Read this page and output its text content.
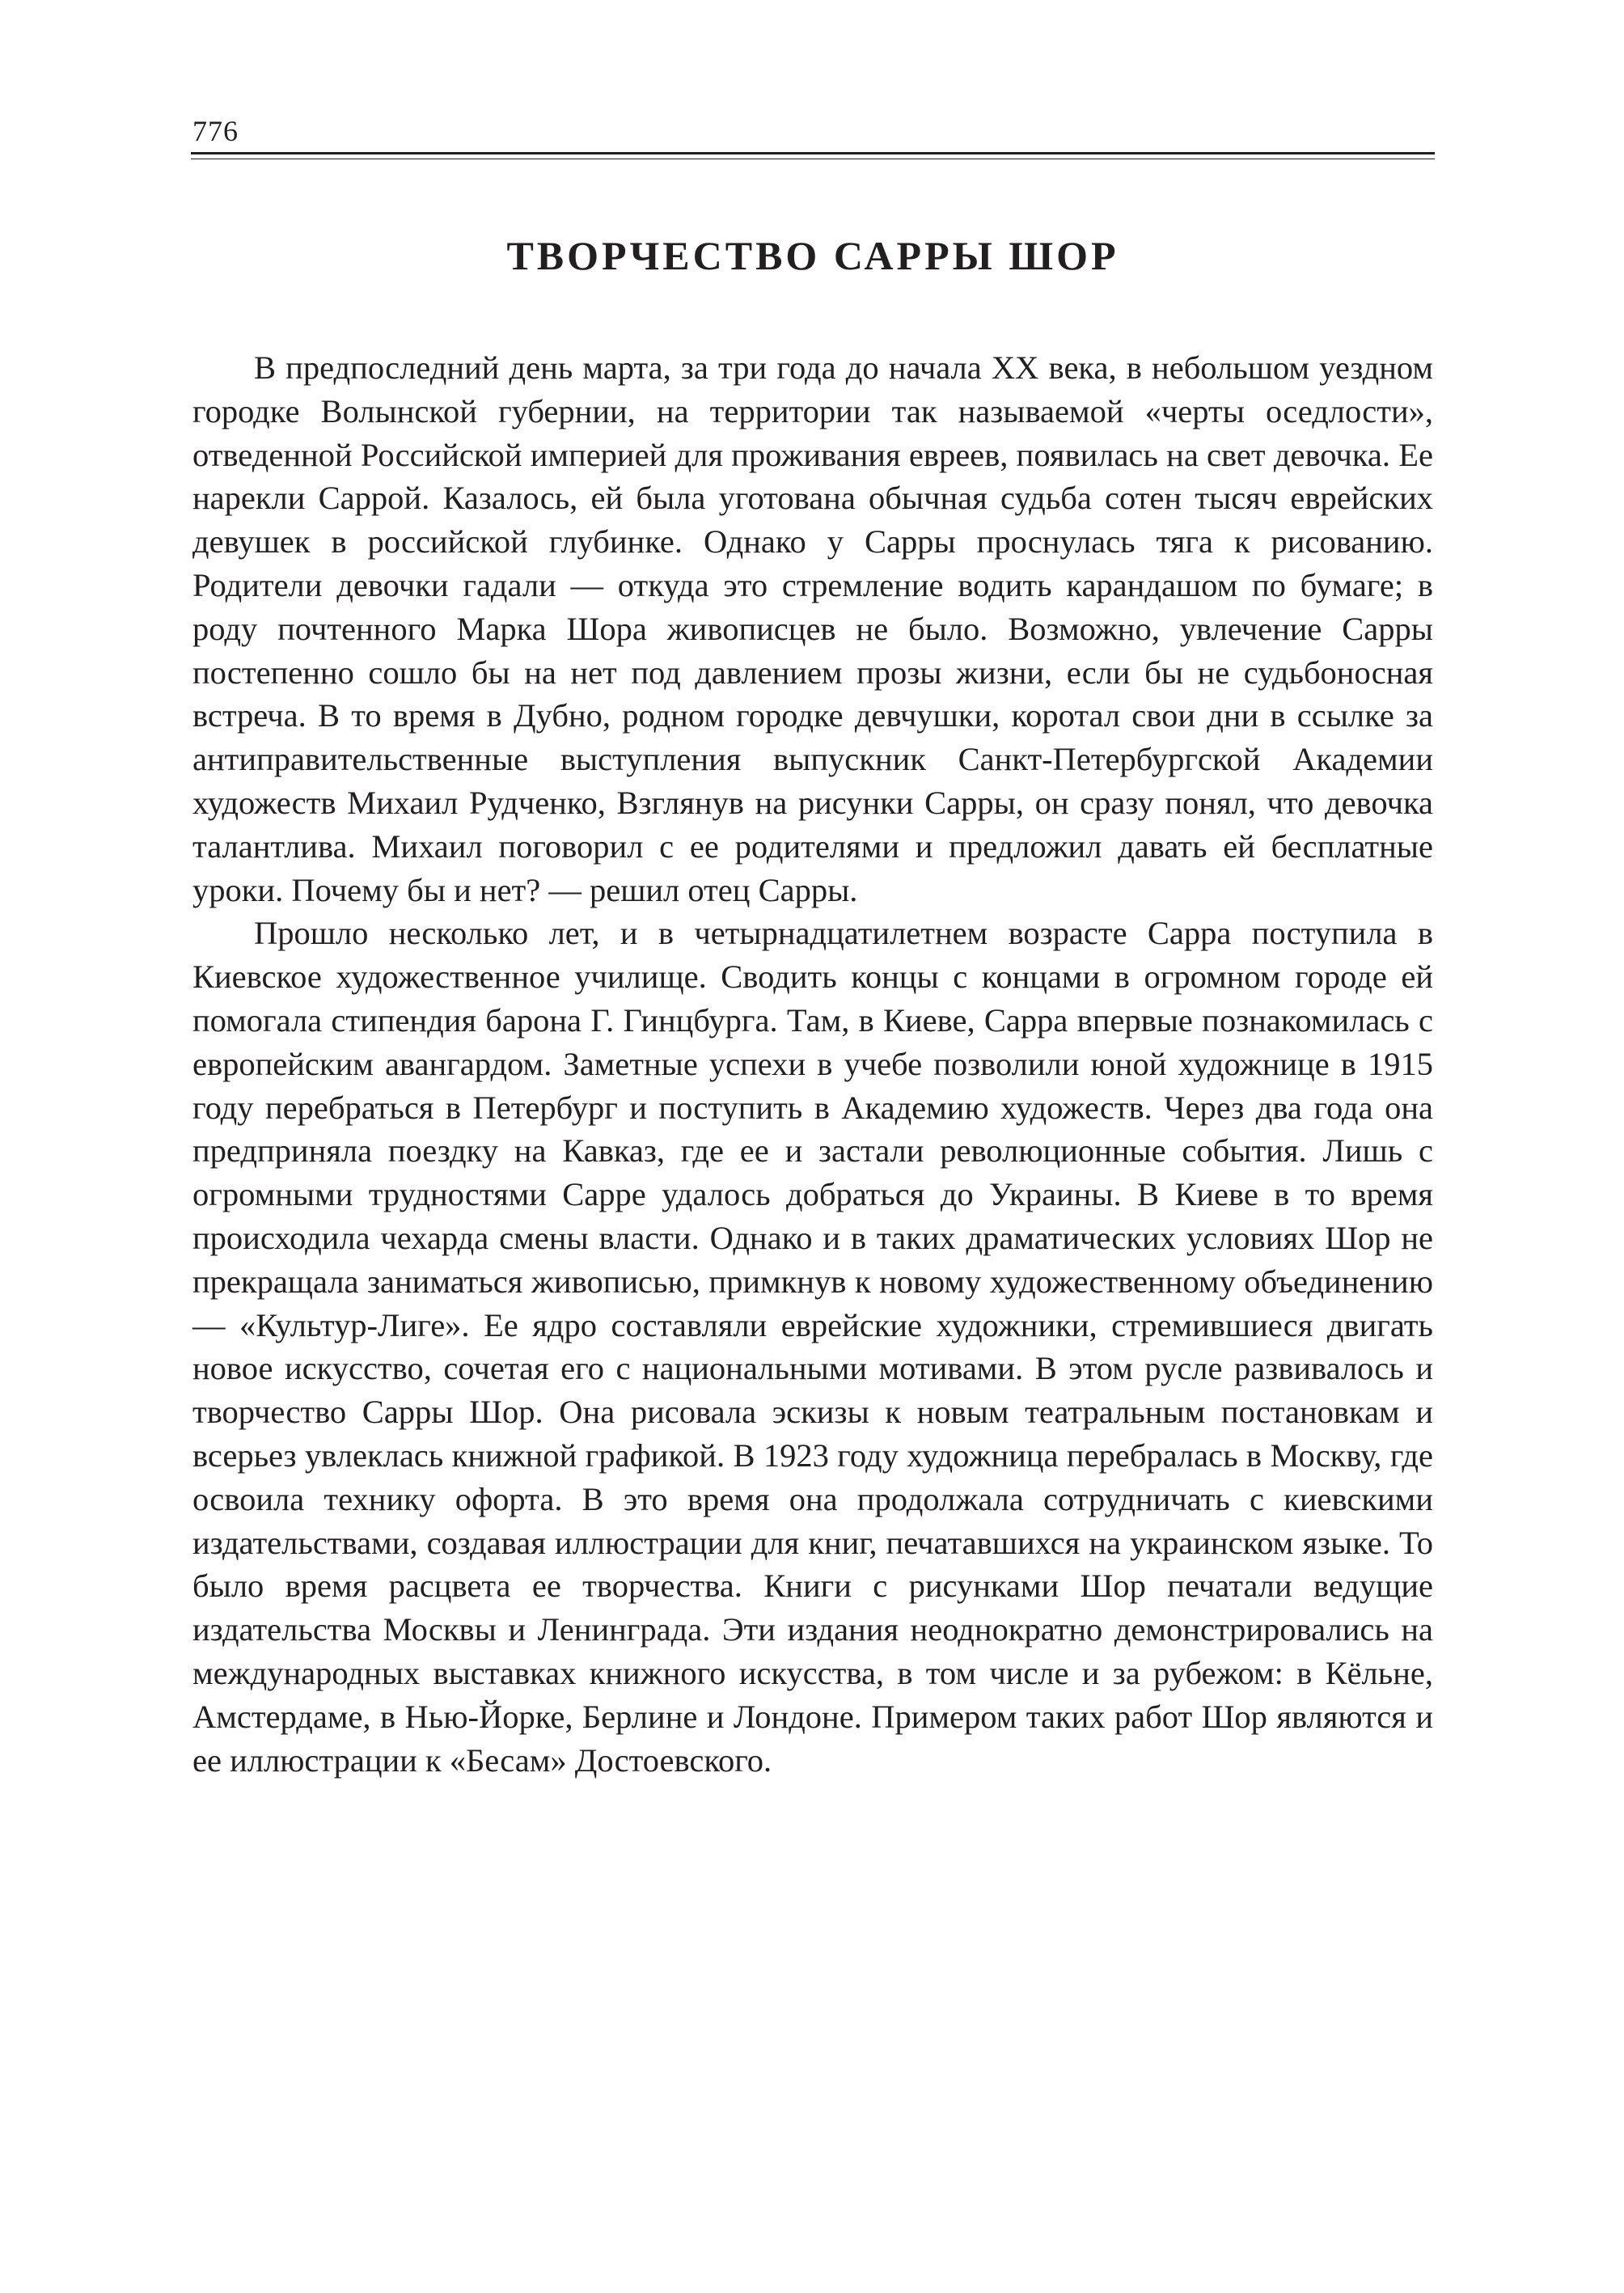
776
ТВОРЧЕСТВО САРРЫ ШОР

В предпоследний день марта, за три года до начала XX века, в небольшом уездном городке Волынской губернии, на территории так называемой «черты оседлости», отведенной Российской империей для проживания евреев, появилась на свет девочка. Ее нарекли Саррой. Казалось, ей была уготована обычная судьба сотен тысяч еврейских девушек в российской глубинке. Однако у Сарры проснулась тяга к рисованию. Родители девочки гадали — откуда это стремление водить карандашом по бумаге; в роду почтенного Марка Шора живописцев не было. Возможно, увлечение Сарры постепенно сошло бы на нет под давлением прозы жизни, если бы не судьбоносная встреча. В то время в Дубно, родном городке девчушки, коротал свои дни в ссылке за антиправительственные выступления выпускник Санкт-Петербургской Академии художеств Михаил Рудченко, Взглянув на рисунки Сарры, он сразу понял, что девочка талантлива. Михаил поговорил с ее родителями и предложил давать ей бесплатные уроки. Почему бы и нет? — решил отец Сарры.

Прошло несколько лет, и в четырнадцатилетнем возрасте Сарра поступила в Киевское художественное училище. Сводить концы с концами в огромном городе ей помогала стипендия барона Г. Гинцбурга. Там, в Киеве, Сарра впервые познакомилась с европейским авангардом. Заметные успехи в учебе позволили юной художнице в 1915 году перебраться в Петербург и поступить в Академию художеств. Через два года она предприняла поездку на Кавказ, где ее и застали революционные события. Лишь с огромными трудностями Сарре удалось добраться до Украины. В Киеве в то время происходила чехарда смены власти. Однако и в таких драматических условиях Шор не прекращала заниматься живописью, примкнув к новому художественному объединению — «Культур-Лиге». Ее ядро составляли еврейские художники, стремившиеся двигать новое искусство, сочетая его с национальными мотивами. В этом русле развивалось и творчество Сарры Шор. Она рисовала эскизы к новым театральным постановкам и всерьез увлеклась книжной графикой. В 1923 году художница перебралась в Москву, где освоила технику офорта. В это время она продолжала сотрудничать с киевскими издательствами, создавая иллюстрации для книг, печатавшихся на украинском языке. То было время расцвета ее творчества. Книги с рисунками Шор печатали ведущие издательства Москвы и Ленинграда. Эти издания неоднократно демонстрировались на международных выставках книжного искусства, в том числе и за рубежом: в Кёльне, Амстердаме, в Нью-Йорке, Берлине и Лондоне. Примером таких работ Шор являются и ее иллюстрации к «Бесам» Достоевского.
